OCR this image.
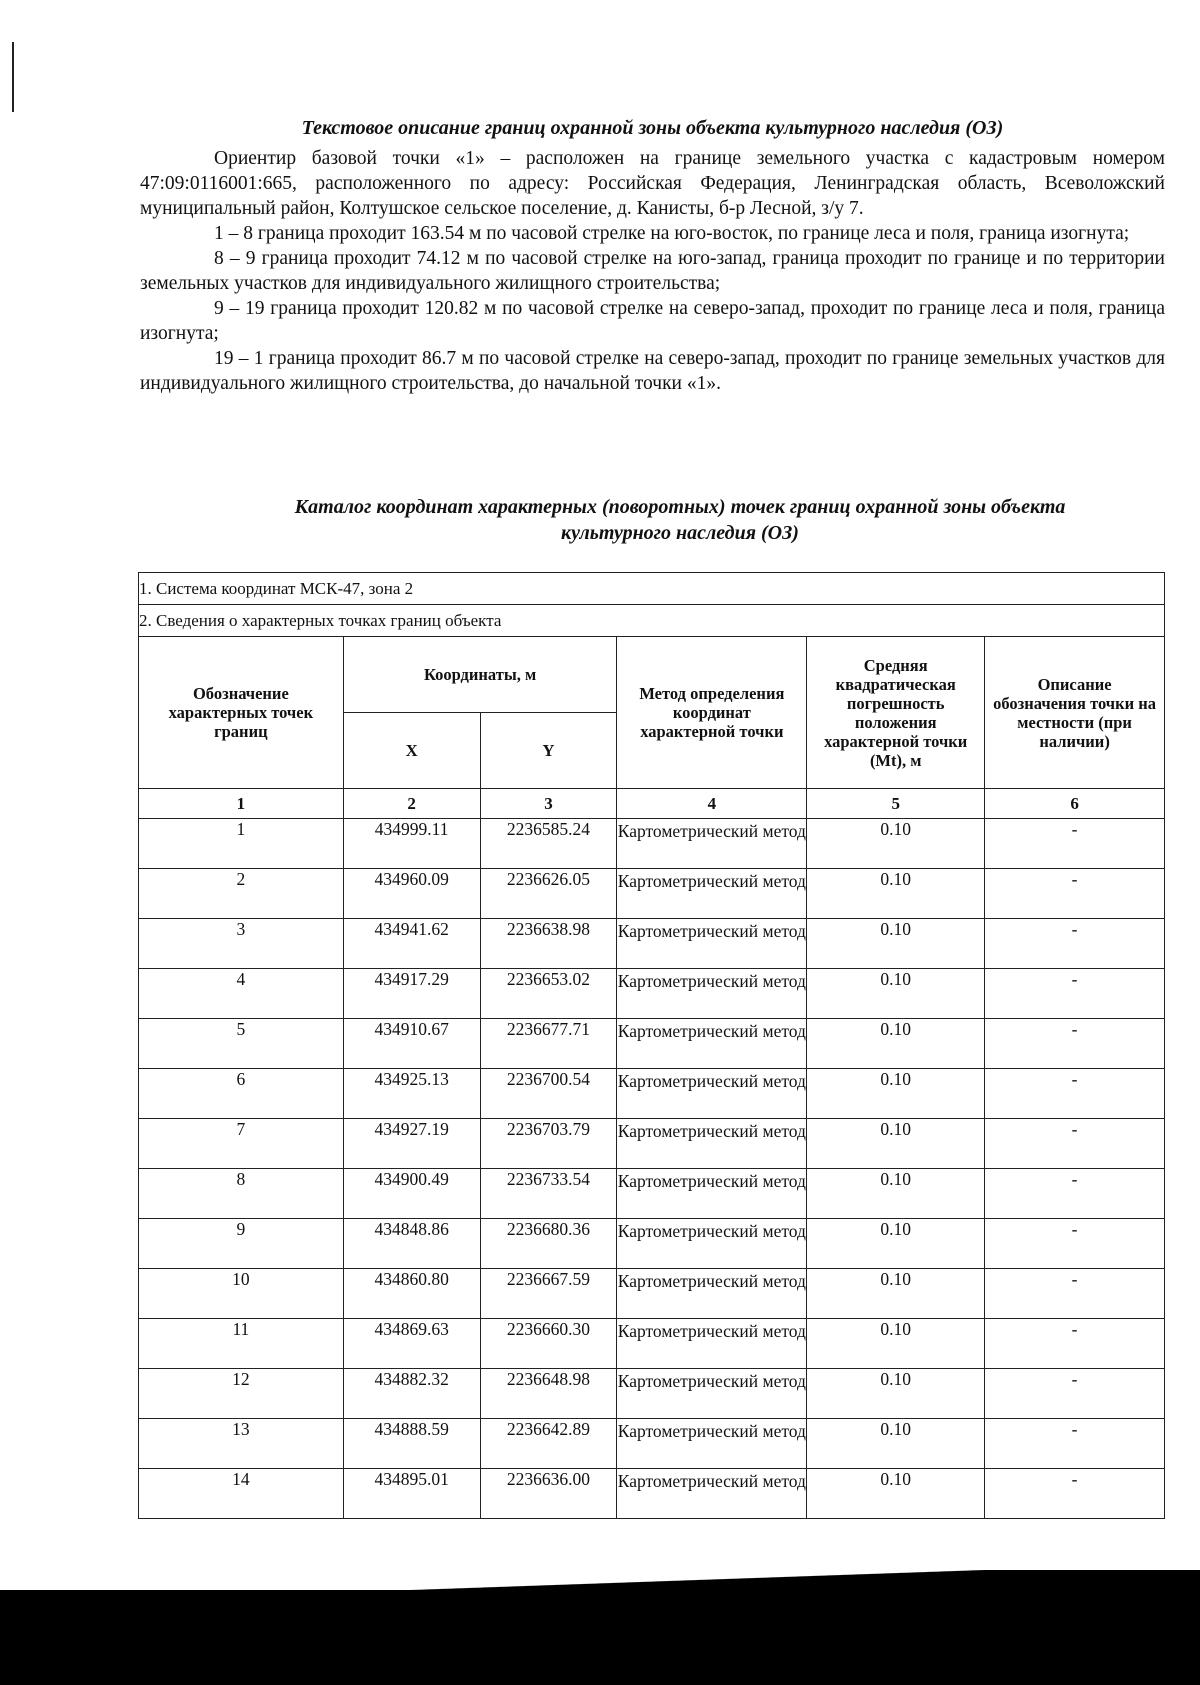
Текстовое описание границ охранной зоны объекта культурного наследия (ОЗ)

Ориентир базовой точки «1» – расположен на границе земельного участка с кадастровым номером 47:09:0116001:665, расположенного по адресу: Российская Федерация, Ленинградская область, Всеволожский муниципальный район, Колтушское сельское поселение, д. Канисты, б-р Лесной, з/у 7.

1 – 8 граница проходит 163.54 м по часовой стрелке на юго-восток, по границе леса и поля, граница изогнута;

8 – 9 граница проходит 74.12 м по часовой стрелке на юго-запад, граница проходит по границе и по территории земельных участков для индивидуального жилищного строительства;

9 – 19 граница проходит 120.82 м по часовой стрелке на северо-запад, проходит по границе леса и поля, граница изогнута;

19 – 1 граница проходит 86.7 м по часовой стрелке на северо-запад, проходит по границе земельных участков для индивидуального жилищного строительства, до начальной точки «1».

Каталог координат характерных (поворотных) точек границ охранной зоны объекта
культурного наследия (ОЗ)
1. Система координат МСК-47, зона 2					
2. Сведения о характерных точках границ объекта					
Обозначение характерных точек границ	Координаты, м		Метод определения координат характерной точки	Средняя квадратическая погрешность положения характерной точки (Mt), м	Описание обозначения точки на местности (при наличии)
	X	Y			
1	2	3	4	5	6
1	434999.11	2236585.24	Картометрический метод	0.10	-
2	434960.09	2236626.05	Картометрический метод	0.10	-
3	434941.62	2236638.98	Картометрический метод	0.10	-
4	434917.29	2236653.02	Картометрический метод	0.10	-
5	434910.67	2236677.71	Картометрический метод	0.10	-
6	434925.13	2236700.54	Картометрический метод	0.10	-
7	434927.19	2236703.79	Картометрический метод	0.10	-
8	434900.49	2236733.54	Картометрический метод	0.10	-
9	434848.86	2236680.36	Картометрический метод	0.10	-
10	434860.80	2236667.59	Картометрический метод	0.10	-
11	434869.63	2236660.30	Картометрический метод	0.10	-
12	434882.32	2236648.98	Картометрический метод	0.10	-
13	434888.59	2236642.89	Картометрический метод	0.10	-
14	434895.01	2236636.00	Картометрический метод	0.10	-
